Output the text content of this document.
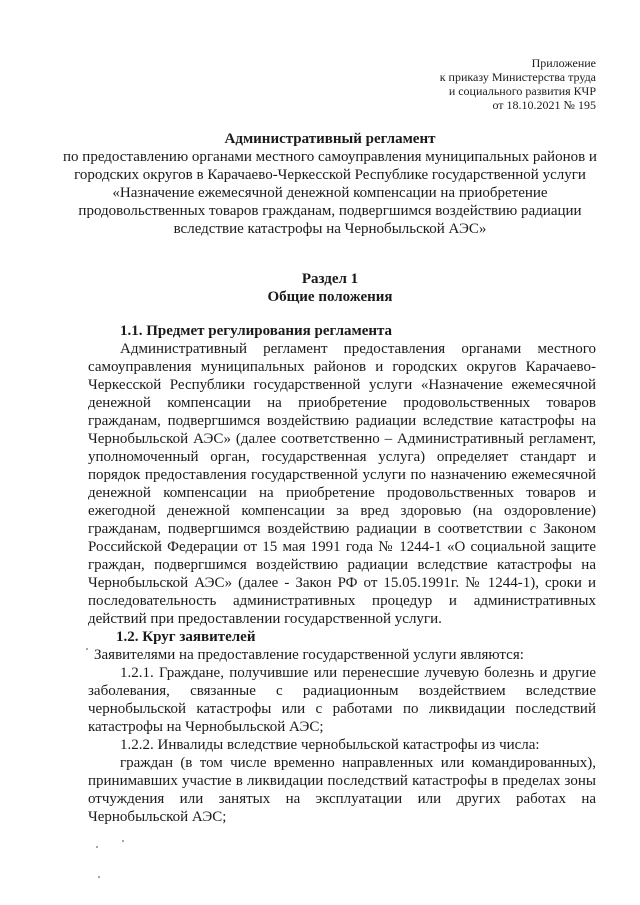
Приложение
к приказу Министерства труда
и социального развития КЧР
от 18.10.2021 № 195
Административный регламент
по предоставлению органами местного самоуправления муниципальных районов и городских округов в Карачаево-Черкесской Республике государственной услуги «Назначение ежемесячной денежной компенсации на приобретение продовольственных товаров гражданам, подвергшимся воздействию радиации вследствие катастрофы на Чернобыльской АЭС»
Раздел 1
Общие положения

1.1. Предмет регулирования регламента

Административный регламент предоставления органами местного самоуправления муниципальных районов и городских округов Карачаево-Черкесской Республики государственной услуги «Назначение ежемесячной денежной компенсации на приобретение продовольственных товаров гражданам, подвергшимся воздействию радиации вследствие катастрофы на Чернобыльской АЭС» (далее соответственно – Административный регламент, уполномоченный орган, государственная услуга) определяет стандарт и порядок предоставления государственной услуги по назначению ежемесячной денежной компенсации на приобретение продовольственных товаров и ежегодной денежной компенсации за вред здоровью (на оздоровление) гражданам, подвергшимся воздействию радиации в соответствии с Законом Российской Федерации от 15 мая 1991 года № 1244-1 «О социальной защите граждан, подвергшимся воздействию радиации вследствие катастрофы на Чернобыльской АЭС» (далее - Закон РФ от 15.05.1991г. № 1244-1), сроки и последовательность административных процедур и административных действий при предоставлении государственной услуги.

1.2. Круг заявителей

Заявителями на предоставление государственной услуги являются:

1.2.1. Граждане, получившие или перенесшие лучевую болезнь и другие заболевания, связанные с радиационным воздействием вследствие чернобыльской катастрофы или с работами по ликвидации последствий катастрофы на Чернобыльской АЭС;

1.2.2. Инвалиды вследствие чернобыльской катастрофы из числа:

граждан (в том числе временно направленных или командированных), принимавших участие в ликвидации последствий катастрофы в пределах зоны отчуждения или занятых на эксплуатации или других работах на Чернобыльской АЭС;
